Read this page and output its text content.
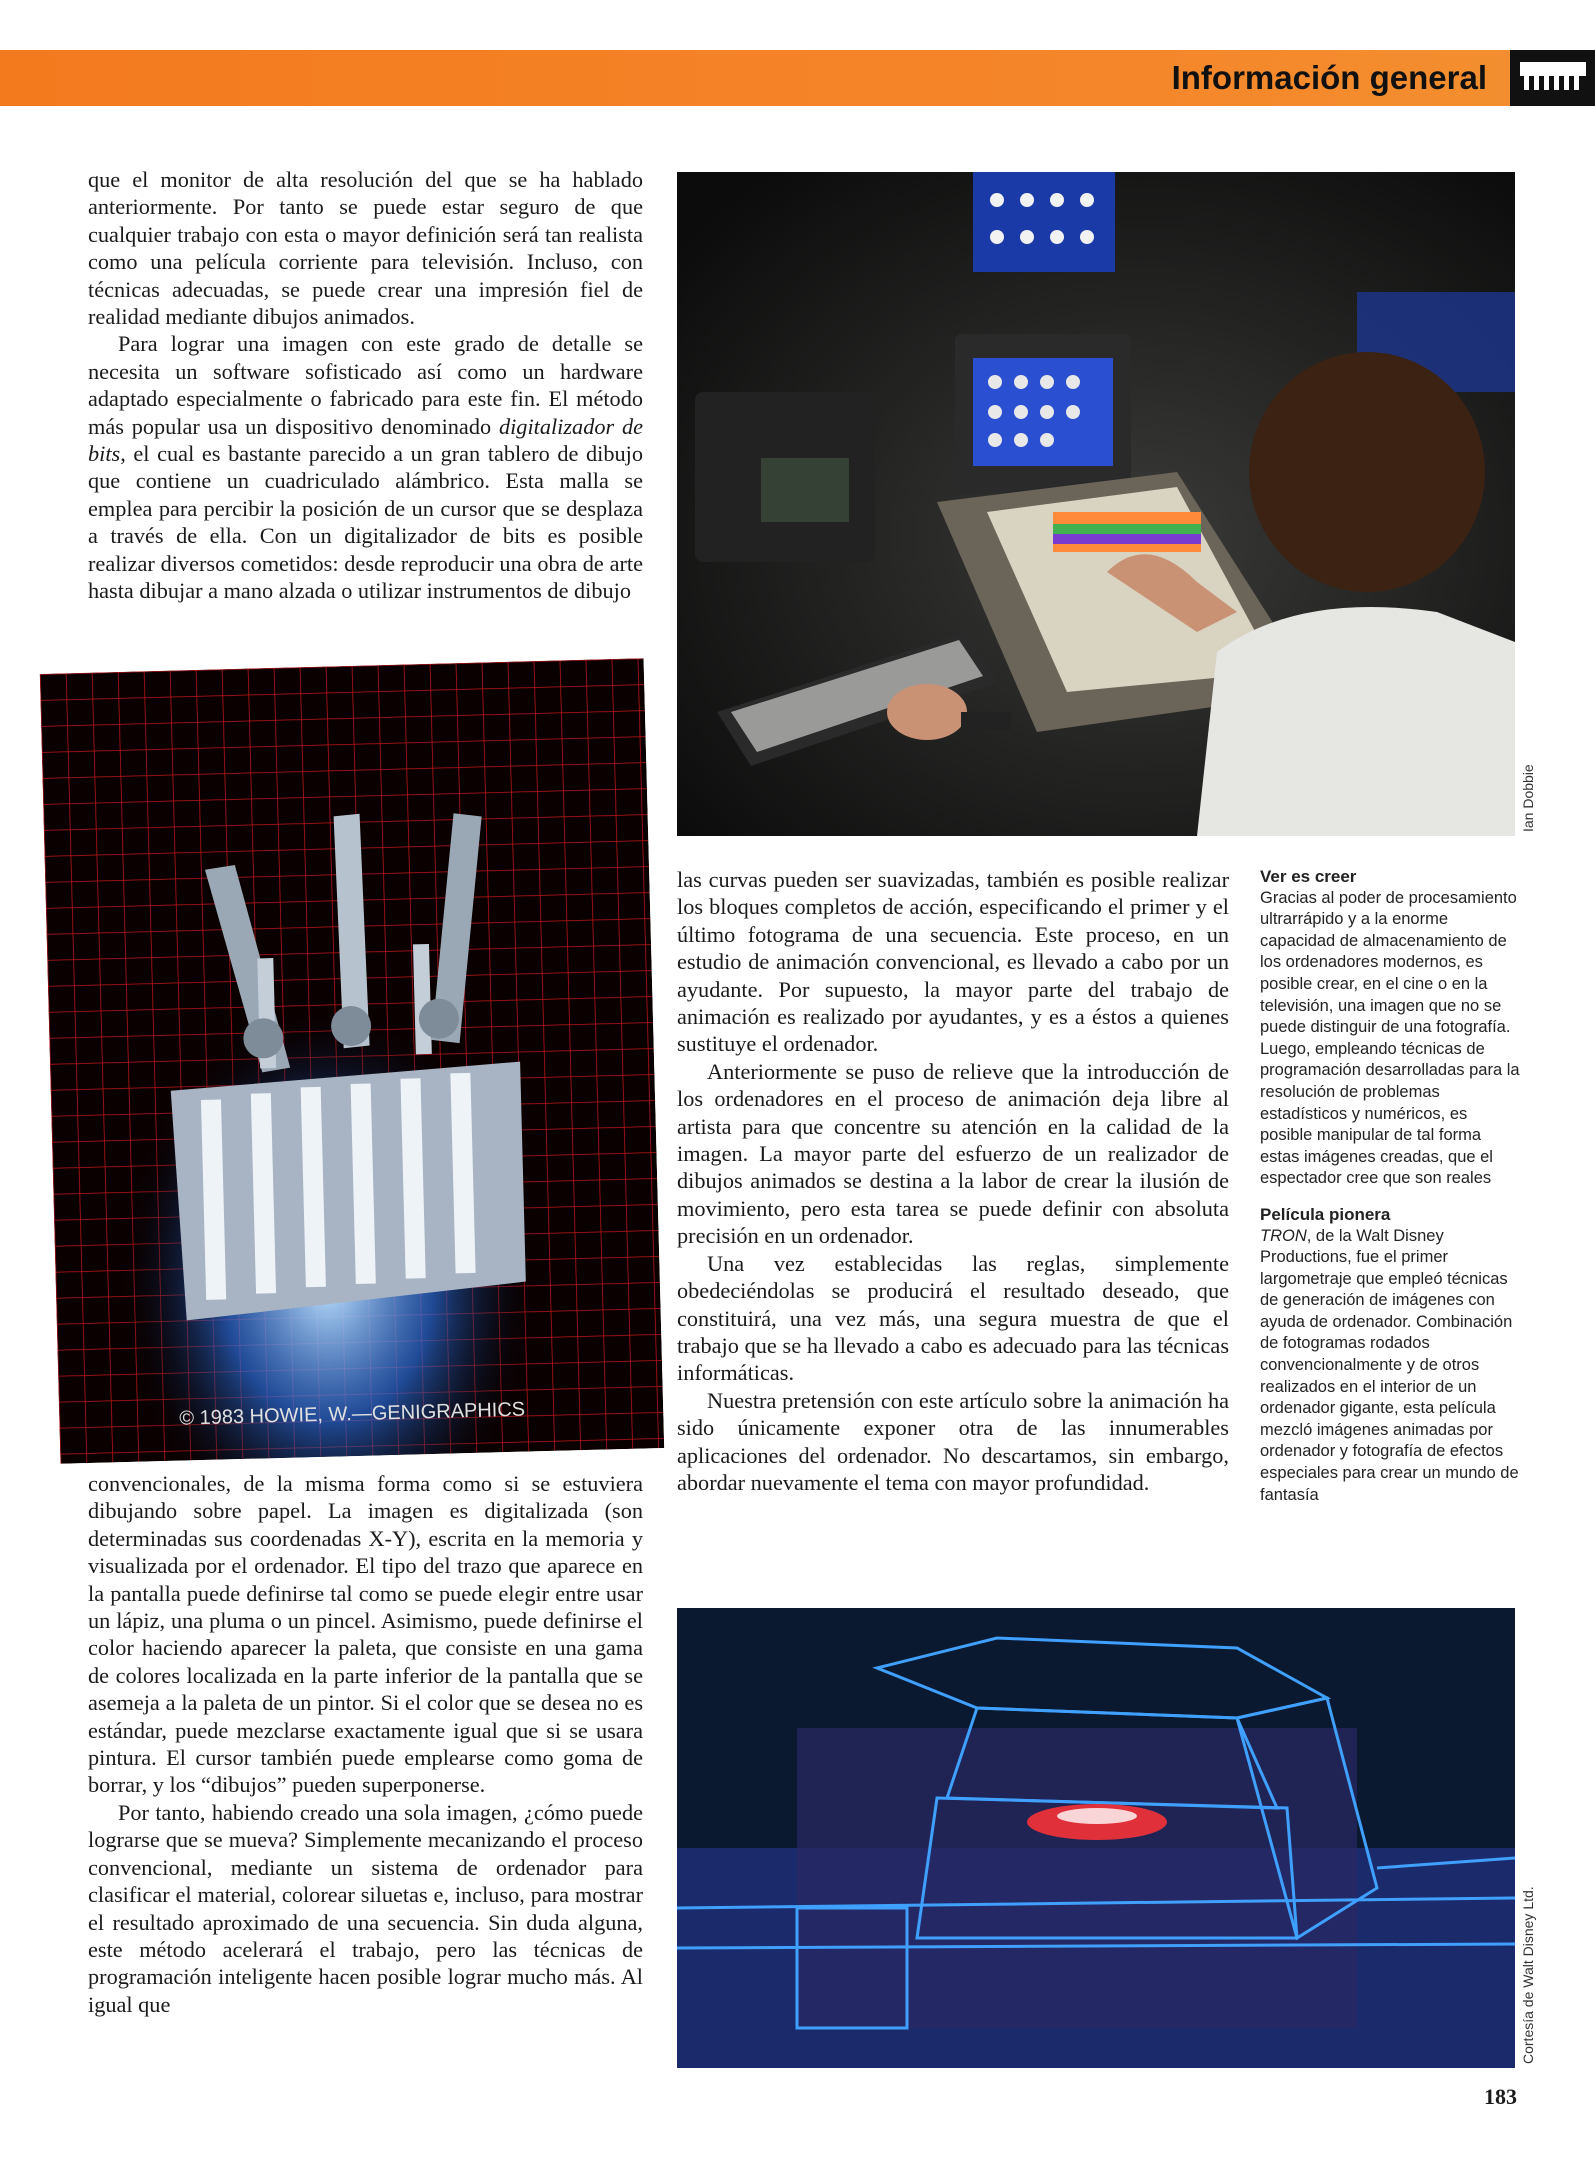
Información general

que el monitor de alta resolución del que se ha hablado anteriormente. Por tanto se puede estar seguro de que cualquier trabajo con esta o mayor definición será tan realista como una película corriente para televisión. Incluso, con técnicas adecuadas, se puede crear una impresión fiel de realidad mediante dibujos animados.

Para lograr una imagen con este grado de detalle se necesita un software sofisticado así como un hardware adaptado especialmente o fabricado para este fin. El método más popular usa un dispositivo denominado digitalizador de bits, el cual es bastante parecido a un gran tablero de dibujo que contiene un cuadriculado alámbrico. Esta malla se emplea para percibir la posición de un cursor que se desplaza a través de ella. Con un digitalizador de bits es posible realizar diversos cometidos: desde reproducir una obra de arte hasta dibujar a mano alzada o utilizar instrumentos de dibujo

Ian Dobbie
© 1983 HOWIE, W.—GENIGRAPHICS

convencionales, de la misma forma como si se estuviera dibujando sobre papel. La imagen es digitalizada (son determinadas sus coordenadas X-Y), escrita en la memoria y visualizada por el ordenador. El tipo del trazo que aparece en la pantalla puede definirse tal como se puede elegir entre usar un lápiz, una pluma o un pincel. Asimismo, puede definirse el color haciendo aparecer la paleta, que consiste en una gama de colores localizada en la parte inferior de la pantalla que se asemeja a la paleta de un pintor. Si el color que se desea no es estándar, puede mezclarse exactamente igual que si se usara pintura. El cursor también puede emplearse como goma de borrar, y los “dibujos” pueden superponerse.

Por tanto, habiendo creado una sola imagen, ¿cómo puede lograrse que se mueva? Simplemente mecanizando el proceso convencional, mediante un sistema de ordenador para clasificar el material, colorear siluetas e, incluso, para mostrar el resultado aproximado de una secuencia. Sin duda alguna, este método acelerará el trabajo, pero las técnicas de programación inteligente hacen posible lograr mucho más. Al igual que

las curvas pueden ser suavizadas, también es posible realizar los bloques completos de acción, especificando el primer y el último fotograma de una secuencia. Este proceso, en un estudio de animación convencional, es llevado a cabo por un ayudante. Por supuesto, la mayor parte del trabajo de animación es realizado por ayudantes, y es a éstos a quienes sustituye el ordenador.

Anteriormente se puso de relieve que la introducción de los ordenadores en el proceso de animación deja libre al artista para que concentre su atención en la calidad de la imagen. La mayor parte del esfuerzo de un realizador de dibujos animados se destina a la labor de crear la ilusión de movimiento, pero esta tarea se puede definir con absoluta precisión en un ordenador.

Una vez establecidas las reglas, simplemente obedeciéndolas se producirá el resultado deseado, que constituirá, una vez más, una segura muestra de que el trabajo que se ha llevado a cabo es adecuado para las técnicas informáticas.

Nuestra pretensión con este artículo sobre la animación ha sido únicamente exponer otra de las innumerables aplicaciones del ordenador. No descartamos, sin embargo, abordar nuevamente el tema con mayor profundidad.

Ver es creer

Gracias al poder de procesamiento ultrarrápido y a la enorme capacidad de almacenamiento de los ordenadores modernos, es posible crear, en el cine o en la televisión, una imagen que no se puede distinguir de una fotografía. Luego, empleando técnicas de programación desarrolladas para la resolución de problemas estadísticos y numéricos, es posible manipular de tal forma estas imágenes creadas, que el espectador cree que son reales

Película pionera

TRON, de la Walt Disney Productions, fue el primer largometraje que empleó técnicas de generación de imágenes con ayuda de ordenador. Combinación de fotogramas rodados convencionalmente y de otros realizados en el interior de un ordenador gigante, esta película mezcló imágenes animadas por ordenador y fotografía de efectos especiales para crear un mundo de fantasía

Cortesía de Walt Disney Ltd.
183
